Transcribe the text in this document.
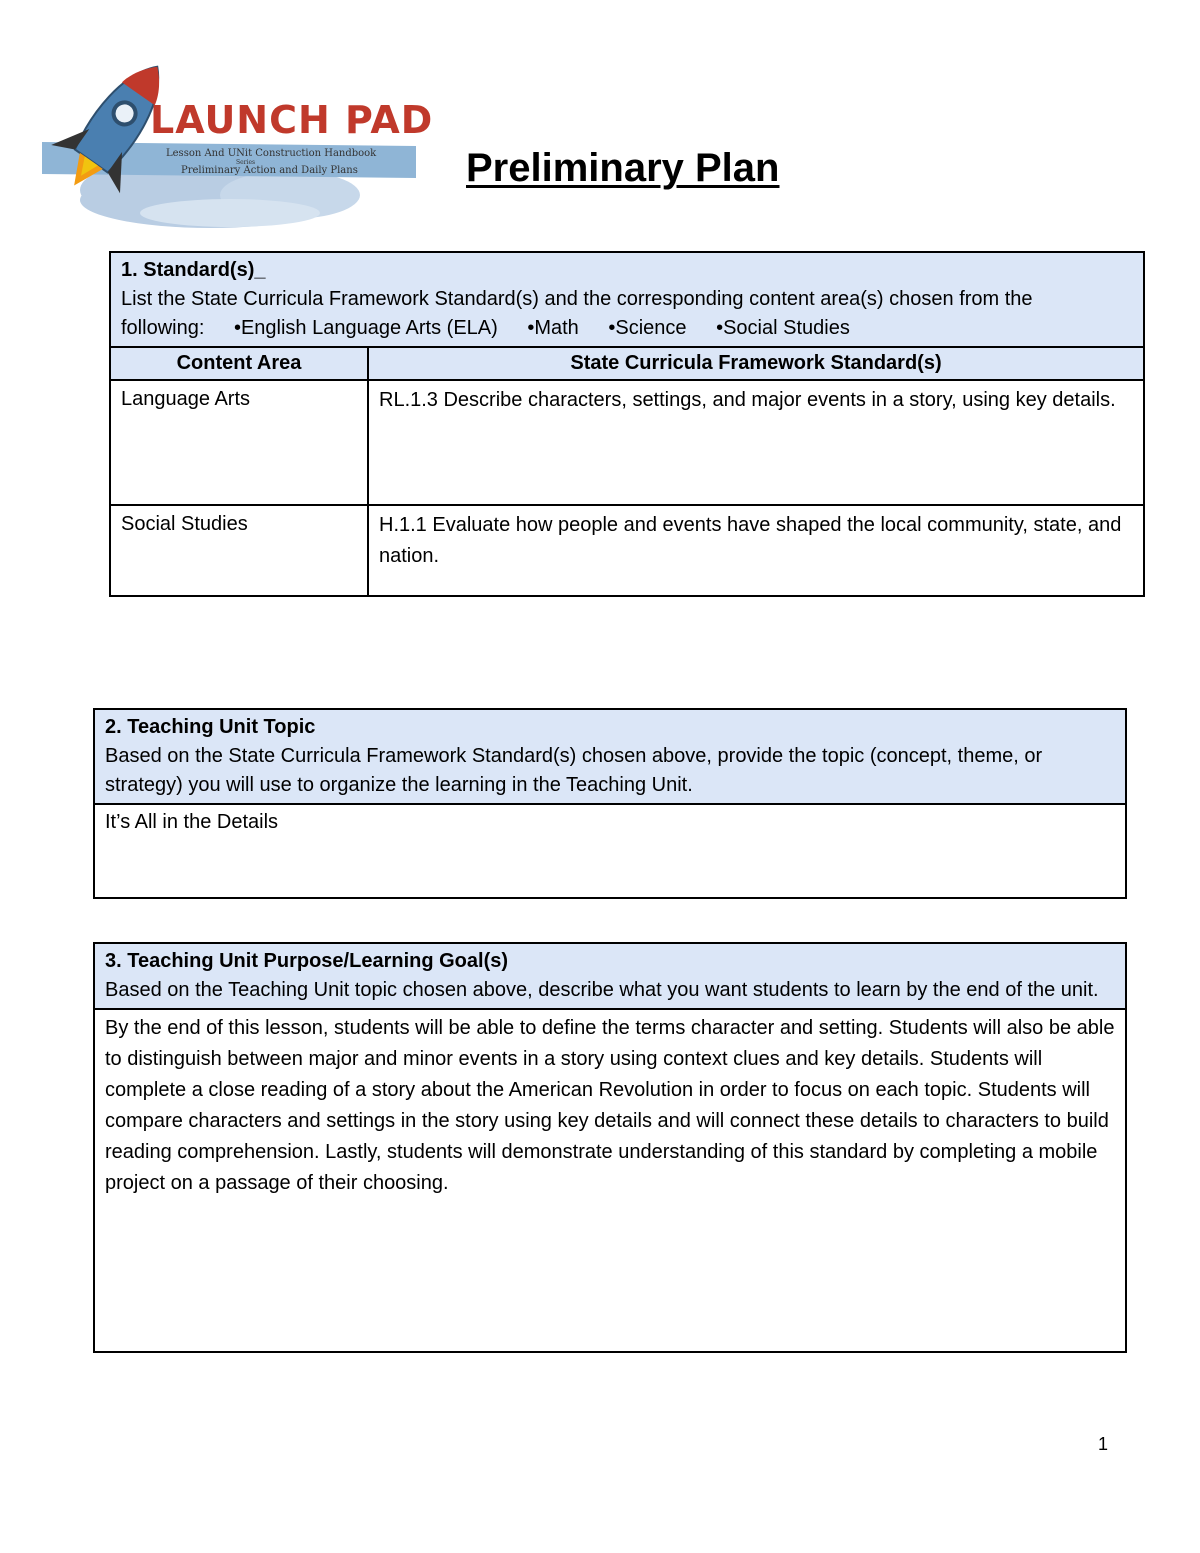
LAUNCH PAD
Lesson And UNit Construction Handbook
Series
Preliminary Action and Daily Plans	Preliminary Plan
1. Standard(s)_
List the State Curricula Framework Standard(s) and the corresponding content area(s) chosen from the
following: •English Language Arts (ELA) •Math •Science •Social Studies	
Content Area	State Curricula Framework Standard(s)
Language Arts	RL.1.3 Describe characters, settings, and major events in a story, using key details.
Social Studies	H.1.1 Evaluate how people and events have shaped the local community, state, and nation.
2. Teaching Unit Topic
Based on the State Curricula Framework Standard(s) chosen above, provide the topic (concept, theme, or strategy) you will use to organize the learning in the Teaching Unit.
It’s All in the Details
3. Teaching Unit Purpose/Learning Goal(s)
Based on the Teaching Unit topic chosen above, describe what you want students to learn by the end of the unit.
By the end of this lesson, students will be able to define the terms character and setting. Students will also be able to distinguish between major and minor events in a story using context clues and key details. Students will complete a close reading of a story about the American Revolution in order to focus on each topic. Students will compare characters and settings in the story using key details and will connect these details to characters to build reading comprehension. Lastly, students will demonstrate understanding of this standard by completing a mobile project on a passage of their choosing.
1
